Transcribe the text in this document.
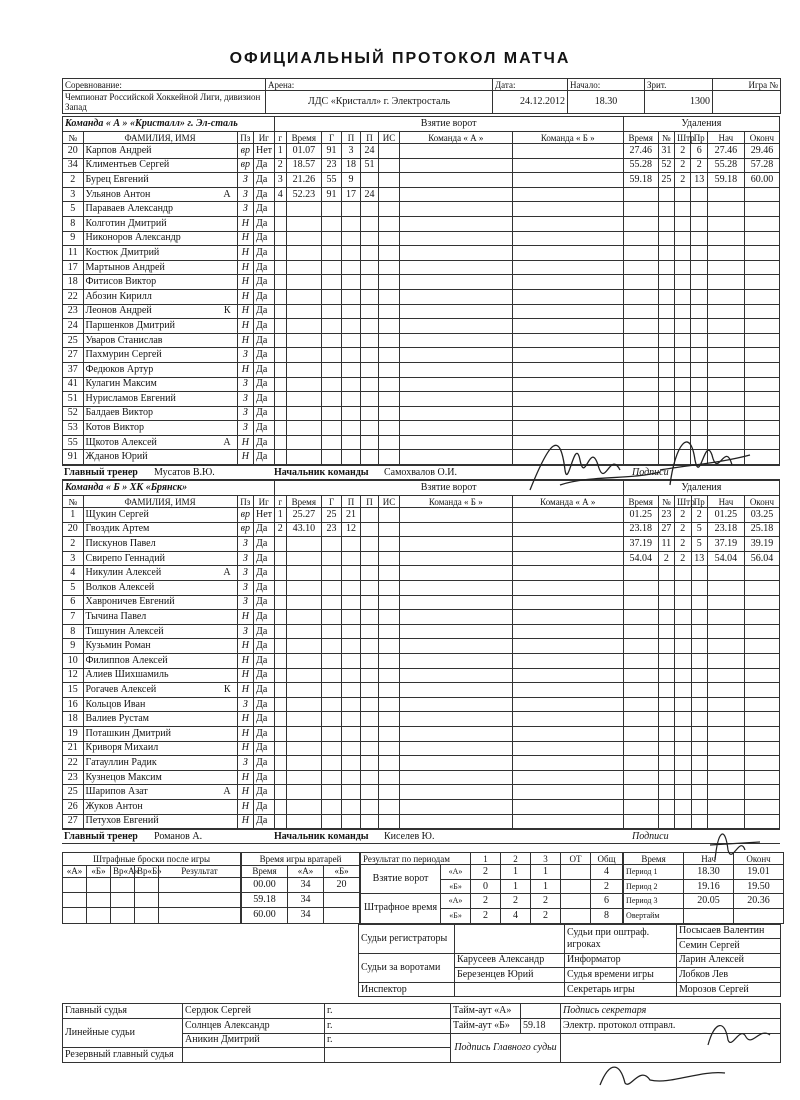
ОФИЦИАЛЬНЫЙ ПРОТОКОЛ МАТЧА
Соревнование:	Арена:	Дата:	Начало:	Зрит.	Игра №
Чемпионат Российской Хоккейной Лиги, дивизион Запад	ЛДС «Кристалл» г. Электросталь	24.12.2012	18.30	1300	
Команда « А » «Кристалл» г. Эл-сталь				Взятие ворот								Удаления					
№	ФАМИЛИЯ, ИМЯ	Пз	Иг	г	Время	Г	П	П	ИС	Команда « А »	Команда « Б »	Время	№	Штр	Пр	Нач	Оконч
20	Карпов Андрей	вр	Нет	1	01.07	91	3	24				27.46	31	2	6	27.46	29.46
34	Климентьев Сергей	вр	Да	2	18.57	23	18	51				55.28	52	2	2	55.28	57.28
2	Бурец Евгений	З	Да	3	21.26	55	9					59.18	25	2	13	59.18	60.00
3	Ульянов Антон А	З	Да	4	52.23	91	17	24									
5	Параваев Александр	З	Да														
8	Колготин Дмитрий	Н	Да														
9	Никоноров Александр	Н	Да														
11	Костюк Дмитрий	Н	Да														
17	Мартынов Андрей	Н	Да														
18	Фитисов Виктор	Н	Да														
22	Абозин Кирилл	Н	Да														
23	Леонов Андрей К	Н	Да														
24	Паршенков Дмитрий	Н	Да														
25	Уваров Станислав	Н	Да														
27	Пахмурин Сергей	З	Да														
37	Федюков Артур	Н	Да														
41	Кулагин Максим	З	Да														
51	Нурисламов Евгений	З	Да														
52	Балдаев Виктор	З	Да														
53	Котов Виктор	З	Да														
55	Щкотов Алексей А	Н	Да														
91	Жданов Юрий	Н	Да														
Главный тренер	Мусатов В.Ю.	Начальник команды	Самохвалов О.И.	Подписи
Команда « Б » ХК «Брянск»				Взятие ворот								Удаления					
№	ФАМИЛИЯ, ИМЯ	Пз	Иг	г	Время	Г	П	П	ИС	Команда « Б »	Команда « А »	Время	№	Штр	Пр	Нач	Оконч
1	Щукин Сергей	вр	Нет	1	25.27	25	21					01.25	23	2	2	01.25	03.25
20	Гвоздик Артем	вр	Да	2	43.10	23	12					23.18	27	2	5	23.18	25.18
2	Пискунов Павел	З	Да									37.19	11	2	5	37.19	39.19
3	Свирепо Геннадий	З	Да									54.04	2	2	13	54.04	56.04
4	Никулин Алексей А	З	Да														
5	Волков Алексей	З	Да														
6	Хавроничев Евгений	З	Да														
7	Тычина Павел	Н	Да														
8	Тишунин Алексей	З	Да														
9	Кузьмин Роман	Н	Да														
10	Филиппов Алексей	Н	Да														
12	Алиев Шихшамиль	Н	Да														
15	Рогачев Алексей К	Н	Да														
16	Кольцов Иван	З	Да														
18	Валиев Рустам	Н	Да														
19	Поташкин Дмитрий	Н	Да														
21	Криворя Михаил	Н	Да														
22	Гатауллин Радик	З	Да														
23	Кузнецов Максим	Н	Да														
25	Шарипов Азат А	Н	Да														
26	Жуков Антон	Н	Да														
27	Петухов Евгений	Н	Да														
Главный тренер	Романов А.	Начальник команды	Киселев Ю.	Подписи
Штрафные броски после игры				
«А»	«Б»	Вр«А»	Вр«Б»	Результат

Время игры вратарей		
Время	«А»	«Б»
00.00	34	20
59.18	34	
60.00	34	
Результат по периодам		1	2	3	ОТ	Общ
Взятие ворот	«А»	2	1	1		4
	«Б»	0	1	1		2
Штрафное время	«А»	2	2	2		6
	«Б»	2	4	2		8
Время	Нач	Оконч
Период 1	18.30	19.01
Период 2	19.16	19.50
Период 3	20.05	20.36
Овертайм		
Судьи регистраторы		Судьи при оштраф. игроках	Посысаев Валентин
			Семин Сергей
Судьи за воротами	Карусеев Александр	Информатор	Ларин Алексей
	Березенцев Юрий	Судья времени игры	Лобков Лев
Инспектор		Секретарь игры	Морозов Сергей
Главный судья	Сердюк Сергей	г.	Тайм-аут «А»		Подпись секретаря
Линейные судьи	Солнцев Александр	г.	Тайм-аут «Б»	59.18	Электр. протокол отправл.
	Аникин Дмитрий	г.	Подпись Главного судьи		
Резервный главный судья					
